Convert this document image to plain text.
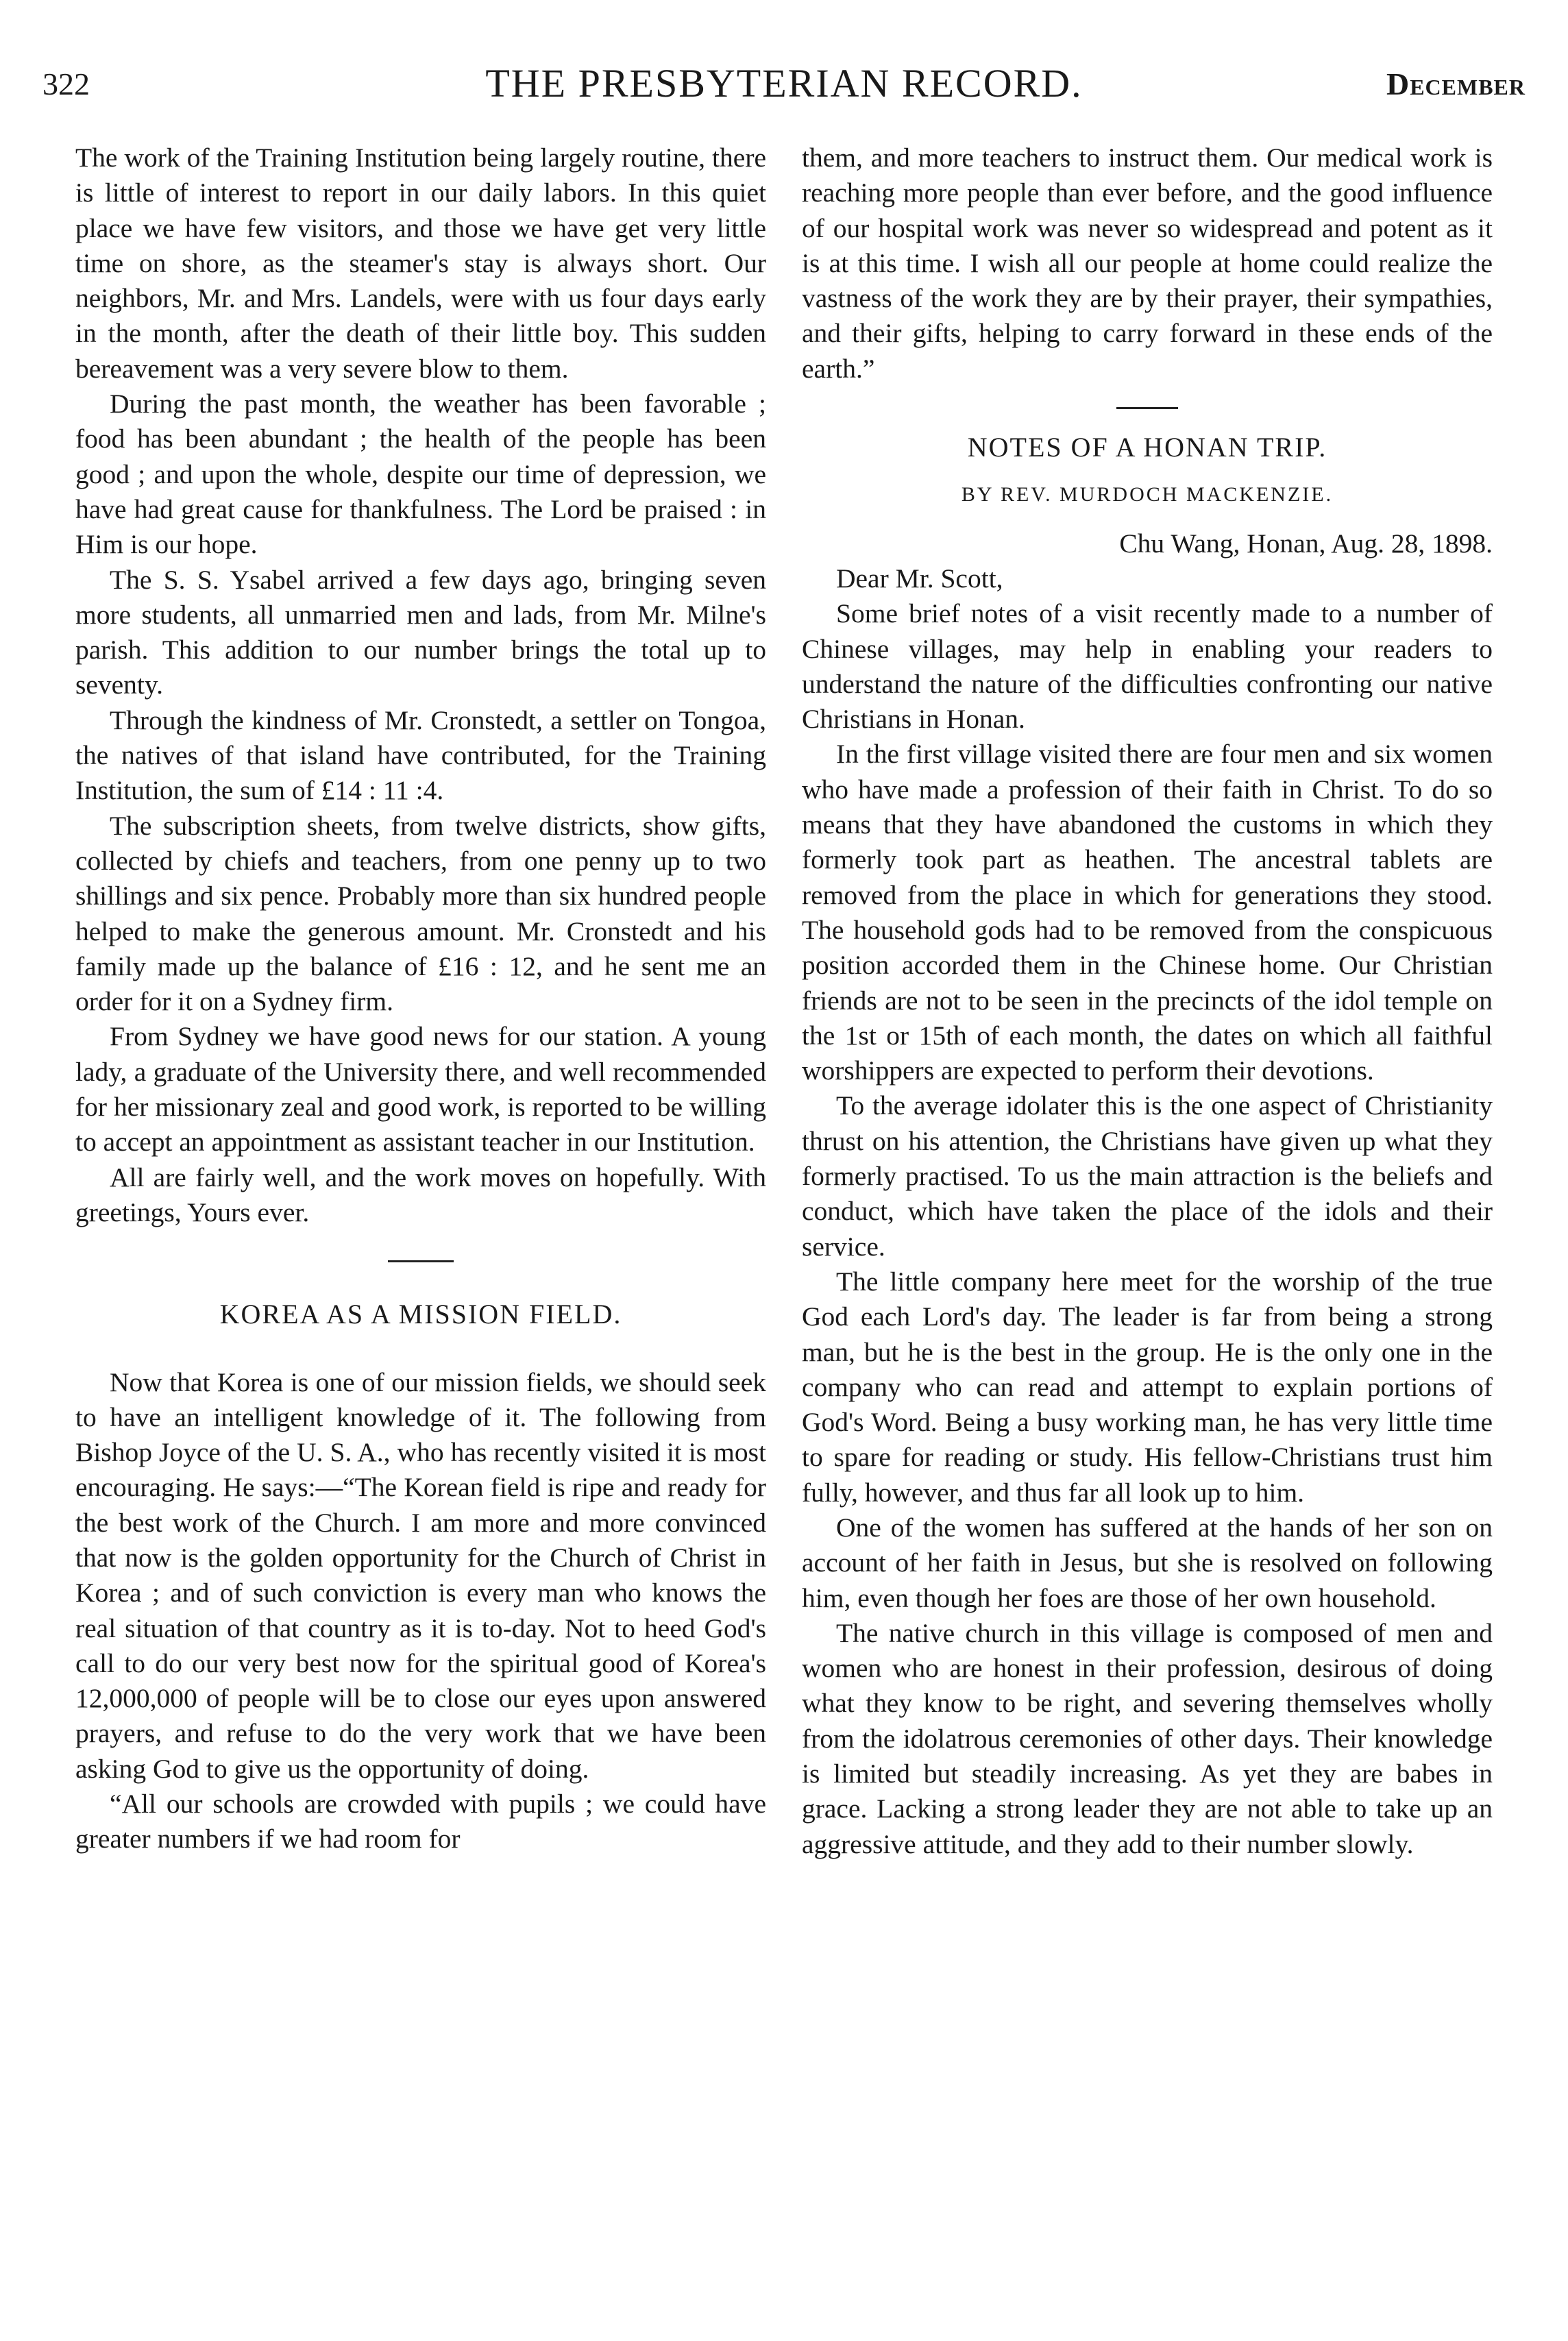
322	THE PRESBYTERIAN RECORD.	December

The work of the Training Institution being largely routine, there is little of interest to report in our daily labors. In this quiet place we have few visitors, and those we have get very little time on shore, as the steamer's stay is always short. Our neighbors, Mr. and Mrs. Landels, were with us four days early in the month, after the death of their little boy. This sudden bereavement was a very severe blow to them.

During the past month, the weather has been favorable ; food has been abundant ; the health of the people has been good ; and upon the whole, despite our time of depression, we have had great cause for thankfulness. The Lord be praised : in Him is our hope.

The S. S. Ysabel arrived a few days ago, bringing seven more students, all unmarried men and lads, from Mr. Milne's parish. This addition to our number brings the total up to seventy.

Through the kindness of Mr. Cronstedt, a settler on Tongoa, the natives of that island have contributed, for the Training Institution, the sum of £14 : 11 :4.

The subscription sheets, from twelve districts, show gifts, collected by chiefs and teachers, from one penny up to two shillings and six pence. Probably more than six hundred people helped to make the generous amount. Mr. Cronstedt and his family made up the balance of £16 : 12, and he sent me an order for it on a Sydney firm.

From Sydney we have good news for our station. A young lady, a graduate of the University there, and well recommended for her missionary zeal and good work, is reported to be willing to accept an appointment as assistant teacher in our Institution.

All are fairly well, and the work moves on hopefully. With greetings, Yours ever.

KOREA AS A MISSION FIELD.

Now that Korea is one of our mission fields, we should seek to have an intelligent knowledge of it. The following from Bishop Joyce of the U. S. A., who has recently visited it is most encouraging. He says:—“The Korean field is ripe and ready for the best work of the Church. I am more and more convinced that now is the golden opportunity for the Church of Christ in Korea ; and of such conviction is every man who knows the real situation of that country as it is to-day. Not to heed God's call to do our very best now for the spiritual good of Korea's 12,000,000 of people will be to close our eyes upon answered prayers, and refuse to do the very work that we have been asking God to give us the opportunity of doing.

“All our schools are crowded with pupils ; we could have greater numbers if we had room for

them, and more teachers to instruct them. Our medical work is reaching more people than ever before, and the good influence of our hospital work was never so widespread and potent as it is at this time. I wish all our people at home could realize the vastness of the work they are by their prayer, their sympathies, and their gifts, helping to carry forward in these ends of the earth.”

NOTES OF A HONAN TRIP.
BY REV. MURDOCH MACKENZIE.

Chu Wang, Honan, Aug. 28, 1898.

Dear Mr. Scott,

Some brief notes of a visit recently made to a number of Chinese villages, may help in enabling your readers to understand the nature of the difficulties confronting our native Christians in Honan.

In the first village visited there are four men and six women who have made a profession of their faith in Christ. To do so means that they have abandoned the customs in which they formerly took part as heathen. The ancestral tablets are removed from the place in which for generations they stood. The household gods had to be removed from the conspicuous position accorded them in the Chinese home. Our Christian friends are not to be seen in the precincts of the idol temple on the 1st or 15th of each month, the dates on which all faithful worshippers are expected to perform their devotions.

To the average idolater this is the one aspect of Christianity thrust on his attention, the Christians have given up what they formerly practised. To us the main attraction is the beliefs and conduct, which have taken the place of the idols and their service.

The little company here meet for the worship of the true God each Lord's day. The leader is far from being a strong man, but he is the best in the group. He is the only one in the company who can read and attempt to explain portions of God's Word. Being a busy working man, he has very little time to spare for reading or study. His fellow-Christians trust him fully, however, and thus far all look up to him.

One of the women has suffered at the hands of her son on account of her faith in Jesus, but she is resolved on following him, even though her foes are those of her own household.

The native church in this village is composed of men and women who are honest in their profession, desirous of doing what they know to be right, and severing themselves wholly from the idolatrous ceremonies of other days. Their knowledge is limited but steadily increasing. As yet they are babes in grace. Lacking a strong leader they are not able to take up an aggressive attitude, and they add to their number slowly.
